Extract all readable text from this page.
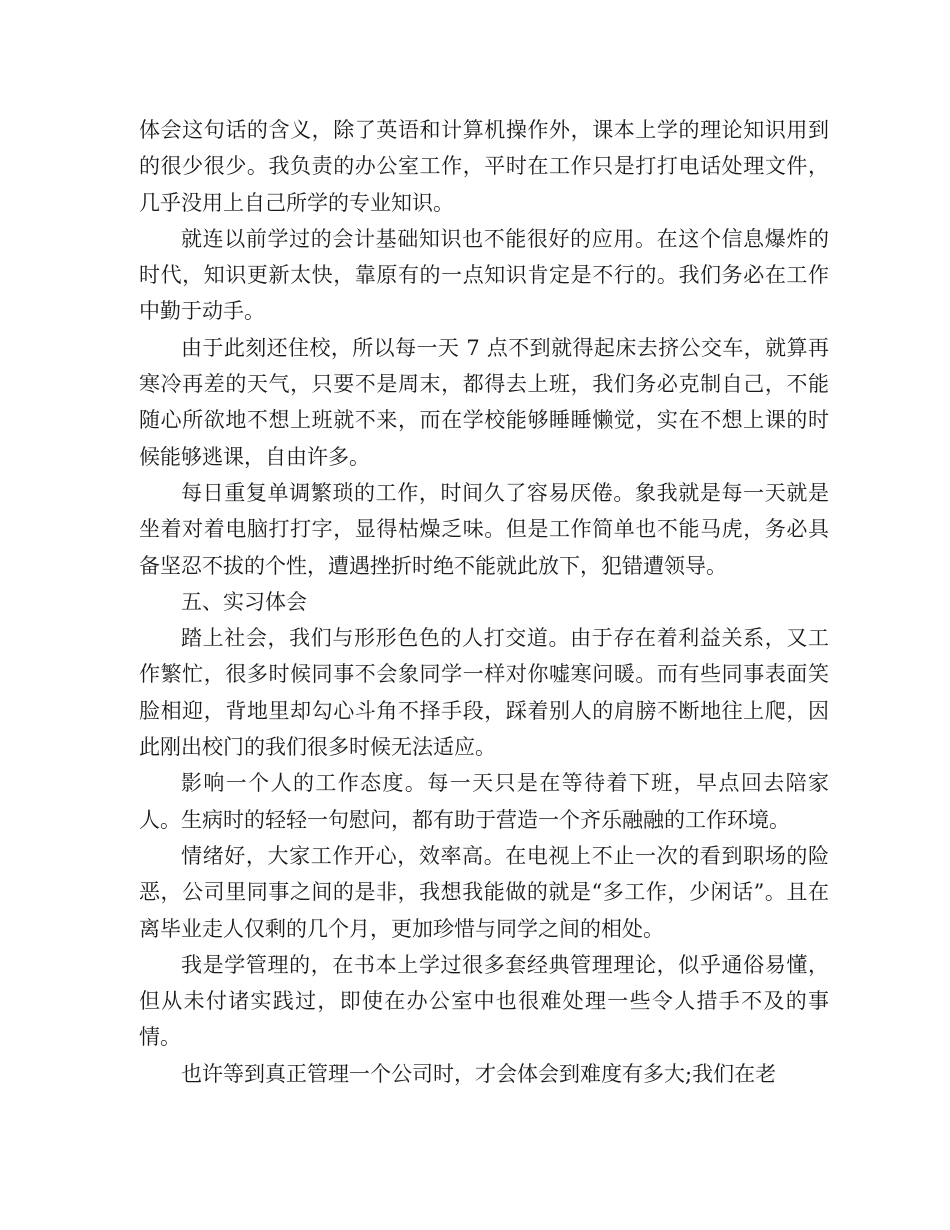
体会这句话的含义，除了英语和计算机操作外，课本上学的理论知识用到的很少很少。我负责的办公室工作，平时在工作只是打打电话处理文件，几乎没用上自己所学的专业知识。

就连以前学过的会计基础知识也不能很好的应用。在这个信息爆炸的时代，知识更新太快，靠原有的一点知识肯定是不行的。我们务必在工作中勤于动手。

由于此刻还住校，所以每一天 7 点不到就得起床去挤公交车，就算再寒冷再差的天气，只要不是周末，都得去上班，我们务必克制自己，不能随心所欲地不想上班就不来，而在学校能够睡睡懒觉，实在不想上课的时候能够逃课，自由许多。

每日重复单调繁琐的工作，时间久了容易厌倦。象我就是每一天就是坐着对着电脑打打字，显得枯燥乏味。但是工作简单也不能马虎，务必具备坚忍不拔的个性，遭遇挫折时绝不能就此放下，犯错遭领导。

五、实习体会

踏上社会，我们与形形色色的人打交道。由于存在着利益关系，又工作繁忙，很多时候同事不会象同学一样对你嘘寒问暖。而有些同事表面笑脸相迎，背地里却勾心斗角不择手段，踩着别人的肩膀不断地往上爬，因此刚出校门的我们很多时候无法适应。

影响一个人的工作态度。每一天只是在等待着下班，早点回去陪家人。生病时的轻轻一句慰问，都有助于营造一个齐乐融融的工作环境。

情绪好，大家工作开心，效率高。在电视上不止一次的看到职场的险恶，公司里同事之间的是非，我想我能做的就是“多工作，少闲话”。且在离毕业走人仅剩的几个月，更加珍惜与同学之间的相处。

我是学管理的，在书本上学过很多套经典管理理论，似乎通俗易懂，但从未付诸实践过，即使在办公室中也很难处理一些令人措手不及的事情。

也许等到真正管理一个公司时，才会体会到难度有多大;我们在老
